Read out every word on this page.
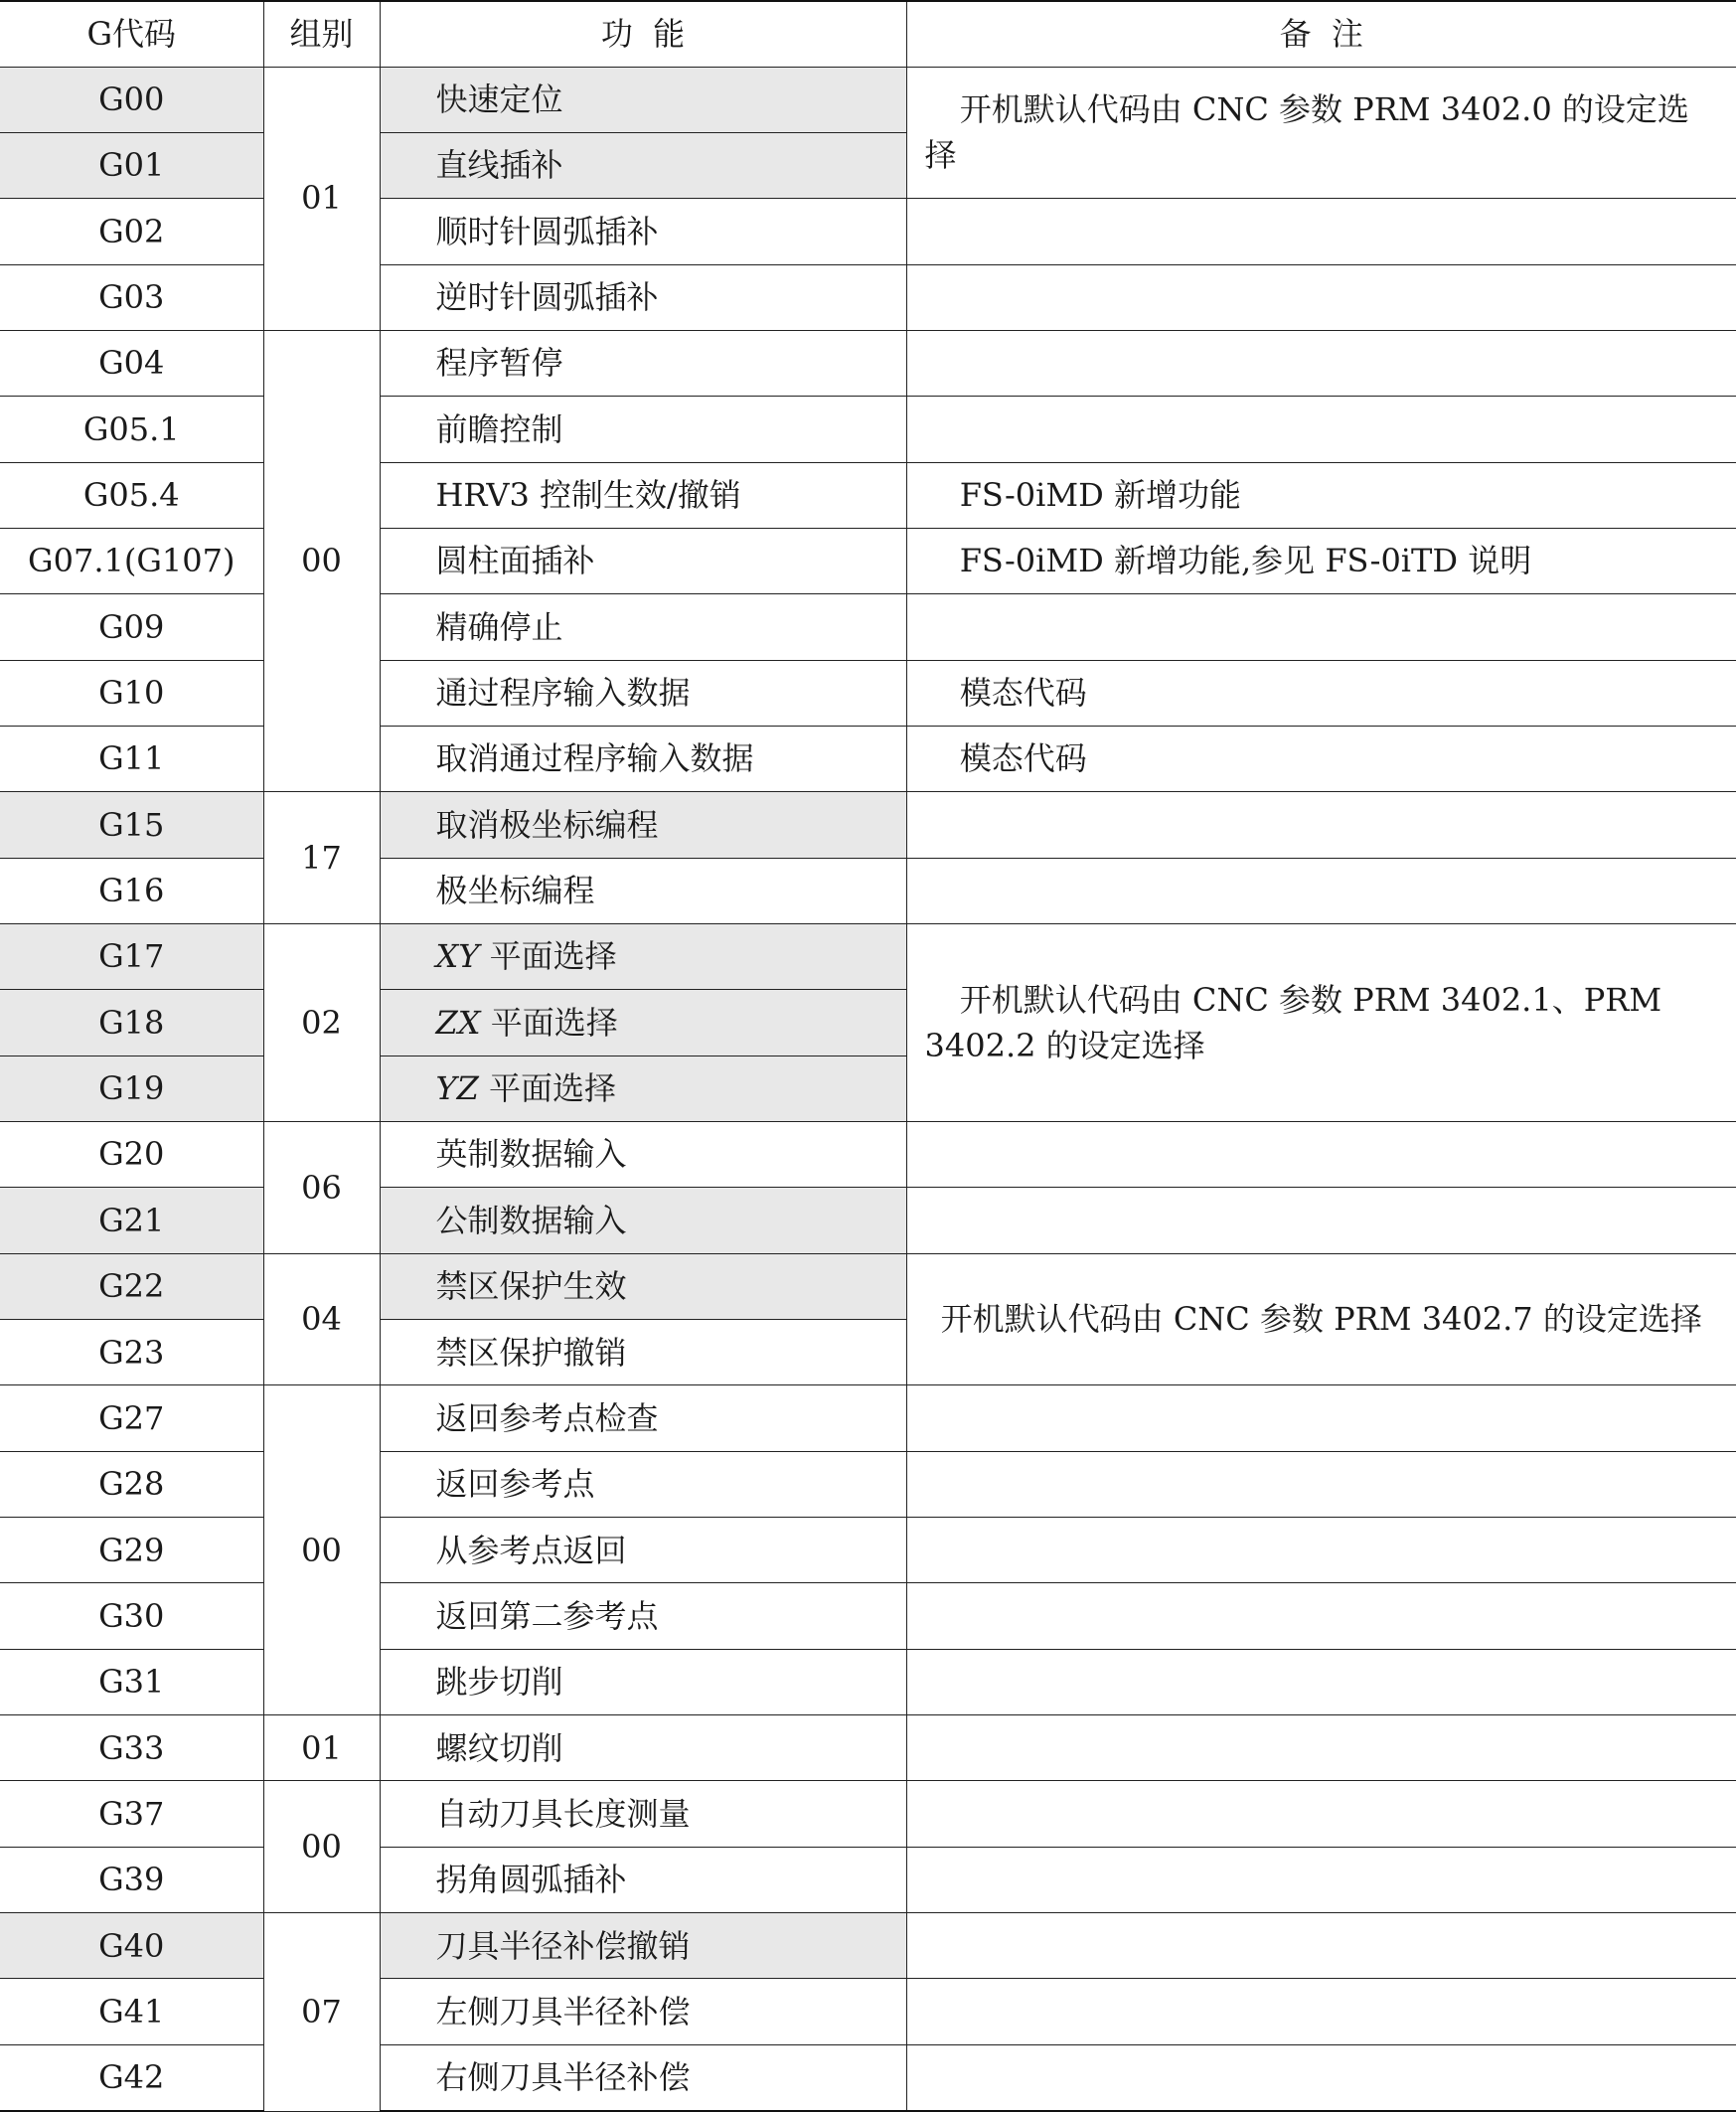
G代码	组别	功  能	备  注
G00	01	快速定位	开机默认代码由 CNC 参数 PRM 3402.0 的设定选择
G01		直线插补	
G02		顺时针圆弧插补	
G03		逆时针圆弧插补	
G04	00	程序暂停	
G05.1		前瞻控制	
G05.4		HRV3 控制生效/撤销	FS-0iMD 新增功能
G07.1(G107)		圆柱面插补	FS-0iMD 新增功能,参见 FS-0iTD 说明
G09		精确停止	
G10		通过程序输入数据	模态代码
G11		取消通过程序输入数据	模态代码
G15	17	取消极坐标编程	
G16		极坐标编程	
G17	02	XY 平面选择	开机默认代码由 CNC 参数 PRM 3402.1、PRM 3402.2 的设定选择
G18		ZX 平面选择	
G19		YZ 平面选择	
G20	06	英制数据输入	
G21		公制数据输入	
G22	04	禁区保护生效	开机默认代码由 CNC 参数 PRM 3402.7 的设定选择
G23		禁区保护撤销	
G27	00	返回参考点检查	
G28		返回参考点	
G29		从参考点返回	
G30		返回第二参考点	
G31		跳步切削	
G33	01	螺纹切削	
G37	00	自动刀具长度测量	
G39		拐角圆弧插补	
G40	07	刀具半径补偿撤销	
G41		左侧刀具半径补偿	
G42		右侧刀具半径补偿	
